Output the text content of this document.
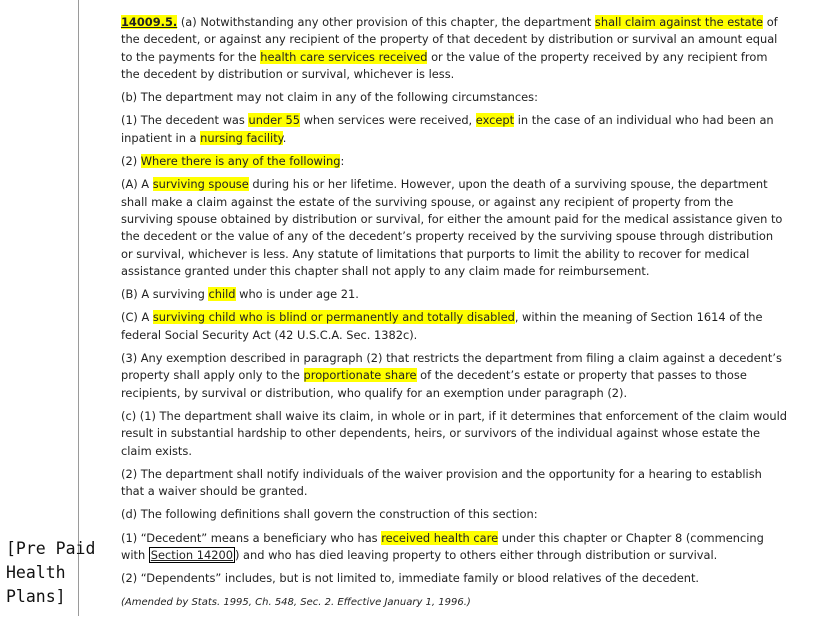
14009.5. (a) Notwithstanding any other provision of this chapter, the department shall claim against the estate of the decedent, or against any recipient of the property of that decedent by distribution or survival an amount equal to the payments for the health care services received or the value of the property received by any recipient from the decedent by distribution or survival, whichever is less.

(b) The department may not claim in any of the following circumstances:

(1) The decedent was under 55 when services were received, except in the case of an individual who had been an inpatient in a nursing facility.

(2) Where there is any of the following:

(A) A surviving spouse during his or her lifetime. However, upon the death of a surviving spouse, the department shall make a claim against the estate of the surviving spouse, or against any recipient of property from the surviving spouse obtained by distribution or survival, for either the amount paid for the medical assistance given to the decedent or the value of any of the decedent’s property received by the surviving spouse through distribution or survival, whichever is less. Any statute of limitations that purports to limit the ability to recover for medical assistance granted under this chapter shall not apply to any claim made for reimbursement.

(B) A surviving child who is under age 21.

(C) A surviving child who is blind or permanently and totally disabled, within the meaning of Section 1614 of the federal Social Security Act (42 U.S.C.A. Sec. 1382c).

(3) Any exemption described in paragraph (2) that restricts the department from filing a claim against a decedent’s property shall apply only to the proportionate share of the decedent’s estate or property that passes to those recipients, by survival or distribution, who qualify for an exemption under paragraph (2).

(c) (1) The department shall waive its claim, in whole or in part, if it determines that enforcement of the claim would result in substantial hardship to other dependents, heirs, or survivors of the individual against whose estate the claim exists.

(2) The department shall notify individuals of the waiver provision and the opportunity for a hearing to establish that a waiver should be granted.

(d) The following definitions shall govern the construction of this section:

(1) “Decedent” means a beneficiary who has received health care under this chapter or Chapter 8 (commencing with Section 14200 ) and who has died leaving property to others either through distribution or survival.

(2) “Dependents” includes, but is not limited to, immediate family or blood relatives of the decedent.

(Amended by Stats. 1995, Ch. 548, Sec. 2. Effective January 1, 1996.)

[Pre Paid
Health
Plans]
